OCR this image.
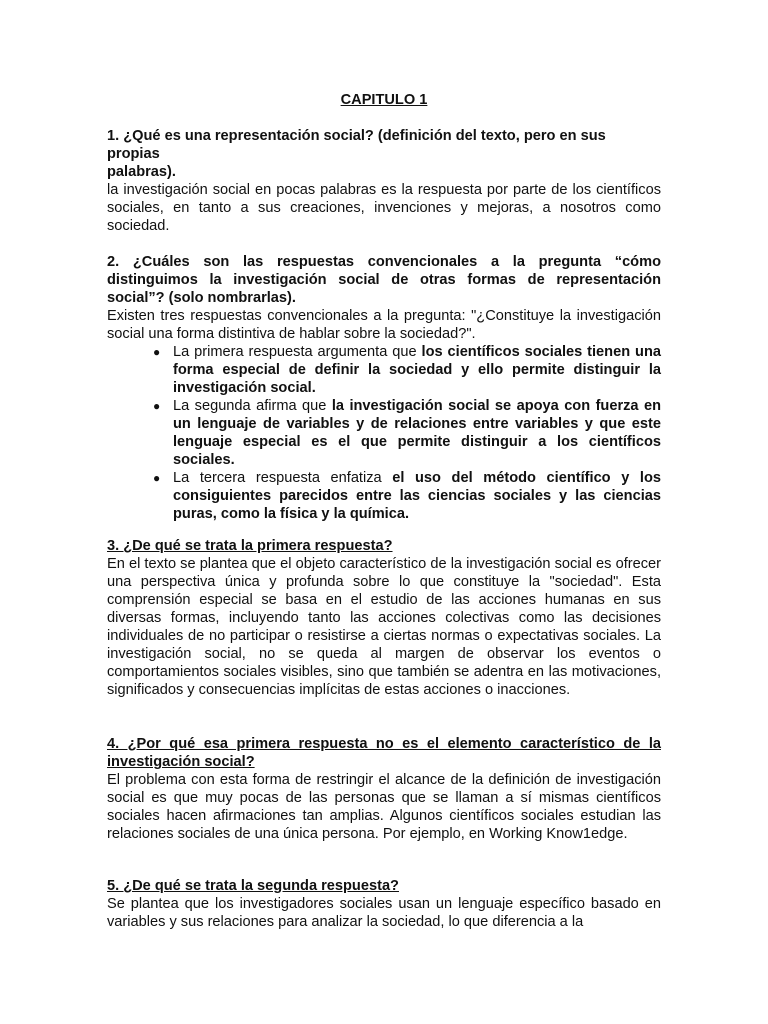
CAPITULO 1

1. ¿Qué es una representación social? (definición del texto, pero en sus propias
palabras).

la investigación social en pocas palabras es la respuesta por parte de los científicos sociales, en tanto a sus creaciones, invenciones y mejoras, a nosotros como sociedad.

2. ¿Cuáles son las respuestas convencionales a la pregunta “cómo distinguimos la investigación social de otras formas de representación social”? (solo nombrarlas).

Existen tres respuestas convencionales a la pregunta: "¿Constituye la investigación social una forma distintiva de hablar sobre la sociedad?".

● La primera respuesta argumenta que los científicos sociales tienen una forma especial de definir la sociedad y ello permite distinguir la investigación social.
● La segunda afirma que la investigación social se apoya con fuerza en un lenguaje de variables y de relaciones entre variables y que este lenguaje especial es el que permite distinguir a los científicos sociales.
● La tercera respuesta enfatiza el uso del método científico y los consiguientes parecidos entre las ciencias sociales y las ciencias puras, como la física y la química.

3. ¿De qué se trata la primera respuesta?

En el texto se plantea que el objeto característico de la investigación social es ofrecer una perspectiva única y profunda sobre lo que constituye la "sociedad". Esta comprensión especial se basa en el estudio de las acciones humanas en sus diversas formas, incluyendo tanto las acciones colectivas como las decisiones individuales de no participar o resistirse a ciertas normas o expectativas sociales. La investigación social, no se queda al margen de observar los eventos o comportamientos sociales visibles, sino que también se adentra en las motivaciones, significados y consecuencias implícitas de estas acciones o inacciones.

4. ¿Por qué esa primera respuesta no es el elemento característico de la investigación social?

El problema con esta forma de restringir el alcance de la definición de investigación social es que muy pocas de las personas que se llaman a sí mismas científicos sociales hacen afirmaciones tan amplias. Algunos científicos sociales estudian las relaciones sociales de una única persona. Por ejemplo, en Working Know1edge.

5. ¿De qué se trata la segunda respuesta?

Se plantea que los investigadores sociales usan un lenguaje específico basado en variables y sus relaciones para analizar la sociedad, lo que diferencia a la
